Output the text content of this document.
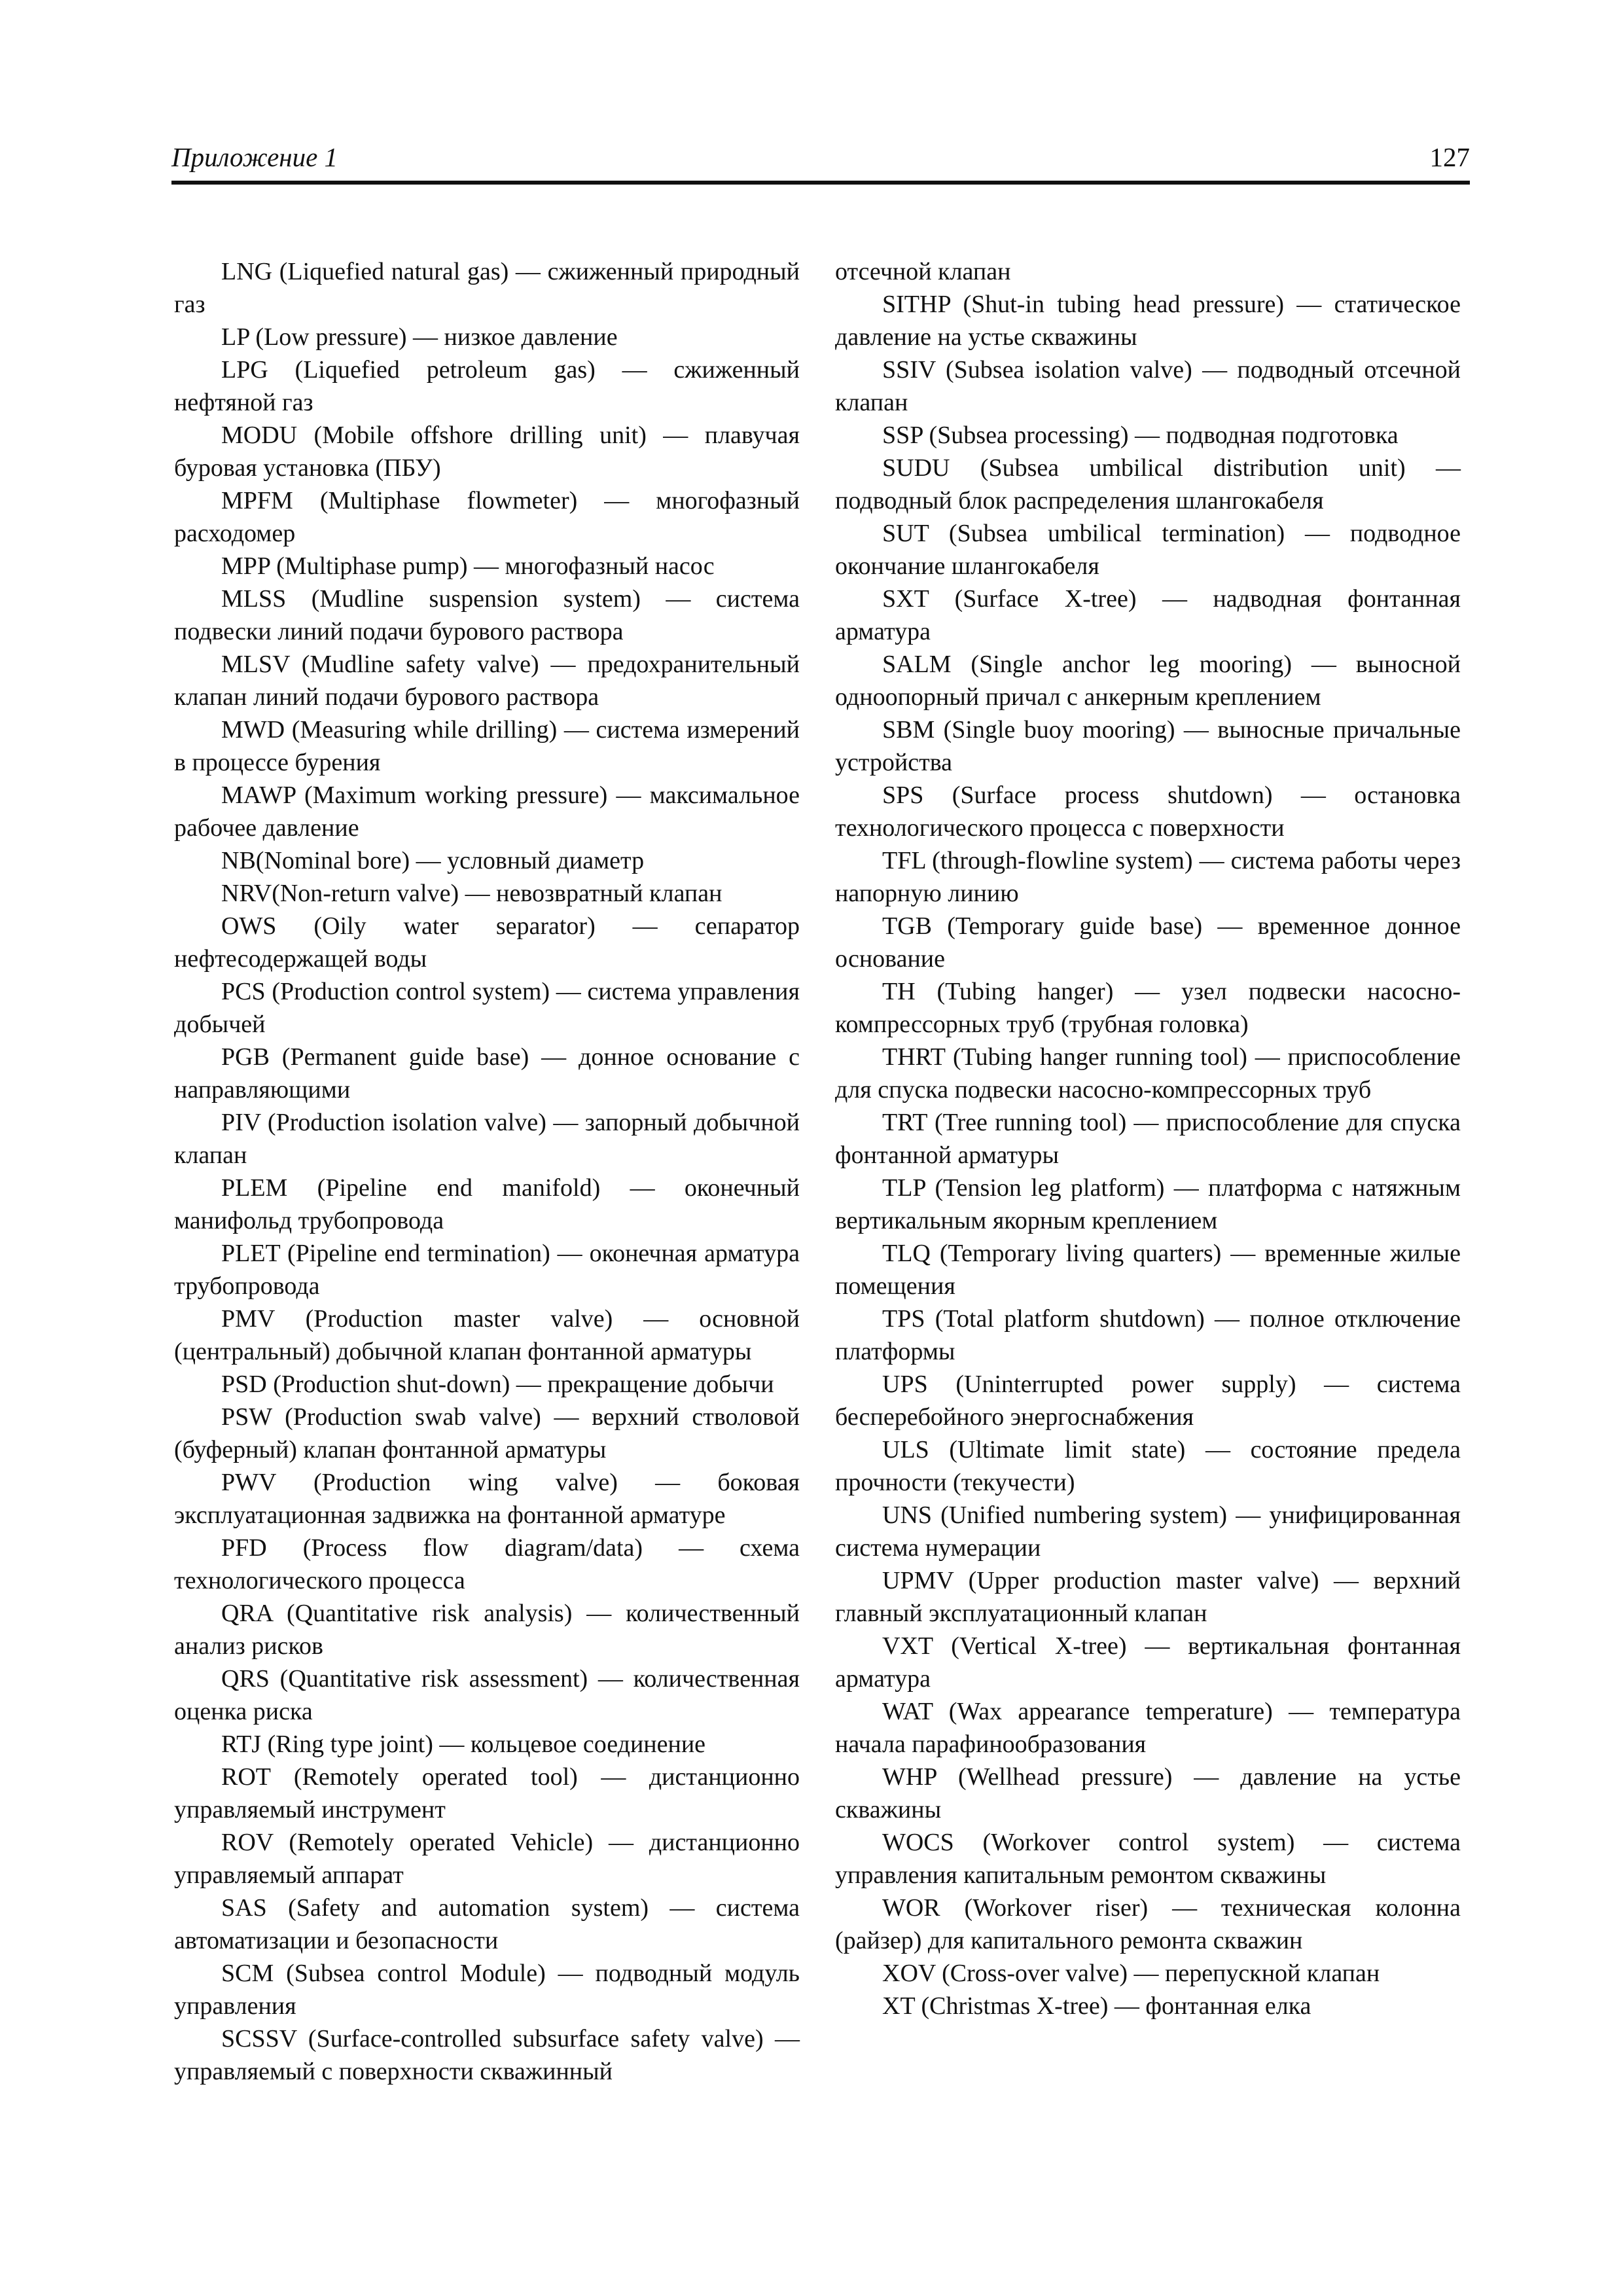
Приложение 1	127

LNG (Liquefied natural gas) — сжиженный природный газ

LP (Low pressure) — низкое давление

LPG (Liquefied petroleum gas) — сжиженный нефтяной газ

MODU (Mobile offshore drilling unit) — плавучая буровая установка (ПБУ)

MPFM (Multiphase flowmeter) — многофазный расходомер

MPP (Multiphase pump) — многофазный насос

MLSS (Mudline suspension system) — система подвески линий подачи бурового раствора

MLSV (Mudline safety valve) — предохранительный клапан линий подачи бурового раствора

MWD (Measuring while drilling) — система измерений в процессе бурения

MAWP (Maximum working pressure) — максимальное рабочее давление

NB(Nominal bore) — условный диаметр

NRV(Non-return valve) — невозвратный клапан

OWS (Oily water separator) — сепаратор нефтесодержащей воды

PCS (Production control system) — система управления добычей

PGB (Permanent guide base) — донное основание с направляющими

PIV (Production isolation valve) — запорный добычной клапан

PLEM (Pipeline end manifold) — оконечный манифольд трубопровода

PLET (Pipeline end termination) — оконечная арматура трубопровода

PMV (Production master valve) — основной (центральный) добычной клапан фонтанной арматуры

PSD (Production shut-down) — прекращение добычи

PSW (Production swab valve) — верхний стволовой (буферный) клапан фонтанной арматуры

PWV (Production wing valve) — боковая эксплуатационная задвижка на фонтанной арматуре

PFD (Process flow diagram/data) — схема технологического процесса

QRA (Quantitative risk analysis) — количественный анализ рисков

QRS (Quantitative risk assessment) — количественная оценка риска

RTJ (Ring type joint) — кольцевое соединение

ROT (Remotely operated tool) — дистанционно управляемый инструмент

ROV (Remotely operated Vehicle) — дистанционно управляемый аппарат

SAS (Safety and automation system) — система автоматизации и безопасности

SCM (Subsea control Module) — подводный модуль управления

SCSSV (Surface-controlled subsurface safety valve) — управляемый с поверхности скважинный

отсечной клапан

SITHP (Shut-in tubing head pressure) — статическое давление на устье скважины

SSIV (Subsea isolation valve) — подводный отсечной клапан

SSP (Subsea processing) — подводная подготовка

SUDU (Subsea umbilical distribution unit) — подводный блок распределения шлангокабеля

SUT (Subsea umbilical termination) — подводное окончание шлангокабеля

SXT (Surface X-tree) — надводная фонтанная арматура

SALM (Single anchor leg mooring) — выносной одноопорный причал с анкерным креплением

SBM (Single buoy mooring) — выносные причальные устройства

SPS (Surface process shutdown) — остановка технологического процесса с поверхности

TFL (through-flowline system) — система работы через напорную линию

TGB (Temporary guide base) — временное донное основание

TH (Tubing hanger) — узел подвески насосно-компрессорных труб (трубная головка)

THRT (Tubing hanger running tool) — приспособление для спуска подвески насосно-компрессорных труб

TRT (Tree running tool) — приспособление для спуска фонтанной арматуры

TLP (Tension leg platform) — платформа с натяжным вертикальным якорным креплением

TLQ (Temporary living quarters) — временные жилые помещения

TPS (Total platform shutdown) — полное отключение платформы

UPS (Uninterrupted power supply) — система бесперебойного энергоснабжения

ULS (Ultimate limit state) — состояние предела прочности (текучести)

UNS (Unified numbering system) — унифицированная система нумерации

UPMV (Upper production master valve) — верхний главный эксплуатационный клапан

VXT (Vertical X-tree) — вертикальная фонтанная арматура

WAT (Wax appearance temperature) — температура начала парафинообразования

WHP (Wellhead pressure) — давление на устье скважины

WOCS (Workover control system) — система управления капитальным ремонтом скважины

WOR (Workover riser) — техническая колонна (райзер) для капитального ремонта скважин

XOV (Cross-over valve) — перепускной клапан

XT (Christmas X-tree) — фонтанная елка
